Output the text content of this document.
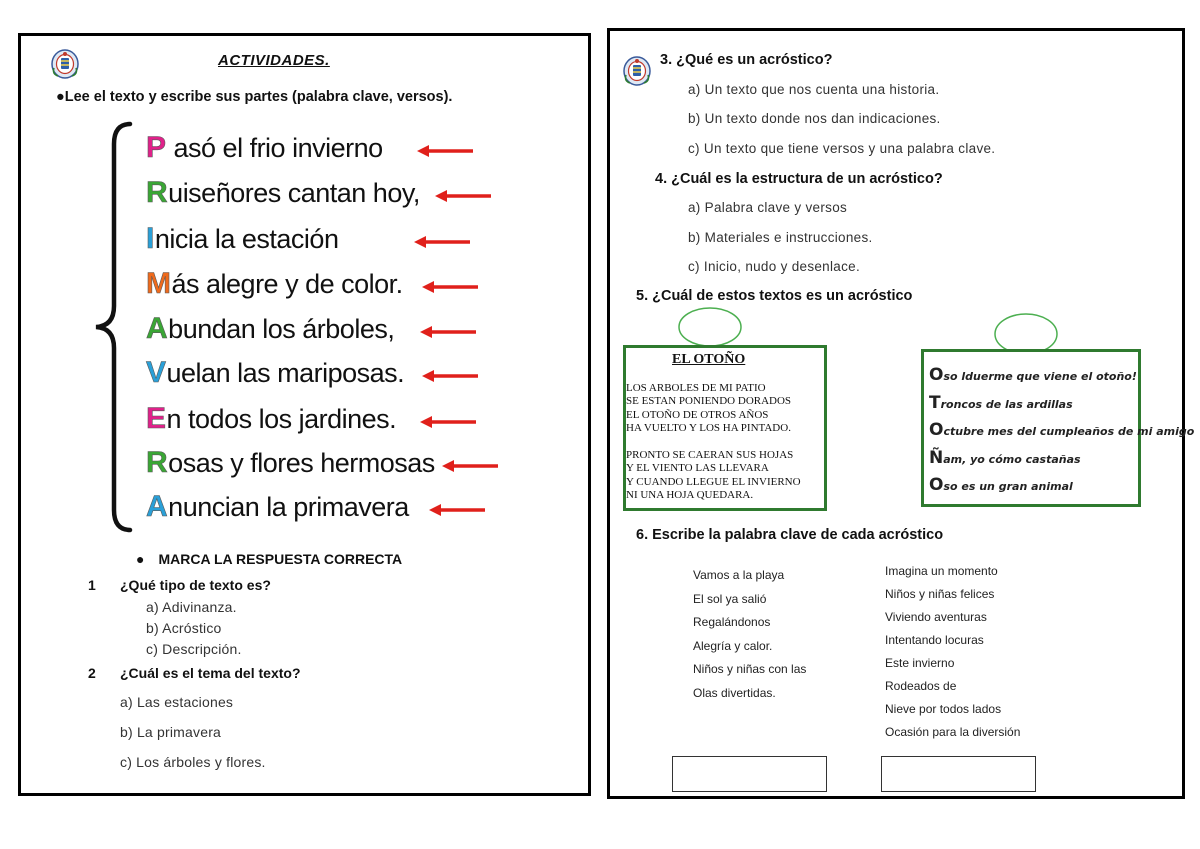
ACTIVIDADES.
●Lee el texto y escribe sus partes (palabra clave, versos).
P asó el frio invierno
Ruiseñores cantan hoy,
Inicia la estación
Más alegre y de color.
Abundan los árboles,
Vuelan las mariposas.
En todos los jardines.
Rosas y flores hermosas
Anuncian la primavera
● MARCA LA RESPUESTA CORRECTA
1 ¿Qué tipo de texto es?
a) Adivinanza.
b) Acróstico
c) Descripción.
2 ¿Cuál es el tema del texto?
a) Las estaciones
b) La primavera
c) Los árboles y flores.
3. ¿Qué es un acróstico?
a) Un texto que nos cuenta una historia.
b) Un texto donde nos dan indicaciones.
c) Un texto que tiene versos y una palabra clave.
4. ¿Cuál es la estructura de un acróstico?
a) Palabra clave y versos
b) Materiales e instrucciones.
c) Inicio, nudo y desenlace.
5. ¿Cuál de estos textos es un acróstico
EL OTOÑO
LOS ARBOLES DE MI PATIO
SE ESTAN PONIENDO DORADOS
EL OTOÑO DE OTROS AÑOS
HA VUELTO Y LOS HA PINTADO.
PRONTO SE CAERAN SUS HOJAS
Y EL VIENTO LAS LLEVARA
Y CUANDO LLEGUE EL INVIERNO
NI UNA HOJA QUEDARA.
Oso lduerme que viene el otoño!
Troncos de las ardillas
Octubre mes del cumpleaños de mi amigo
Ñam, yo cómo castañas
Oso es un gran animal
6. Escribe la palabra clave de cada acróstico
Vamos a la playa
El sol ya salió
Regalándonos
Alegría y calor.
Niños y niñas con las
Olas divertidas.
Imagina un momento
Niños y niñas felices
Viviendo aventuras
Intentando locuras
Este invierno
Rodeados de
Nieve por todos lados
Ocasión para la diversión
